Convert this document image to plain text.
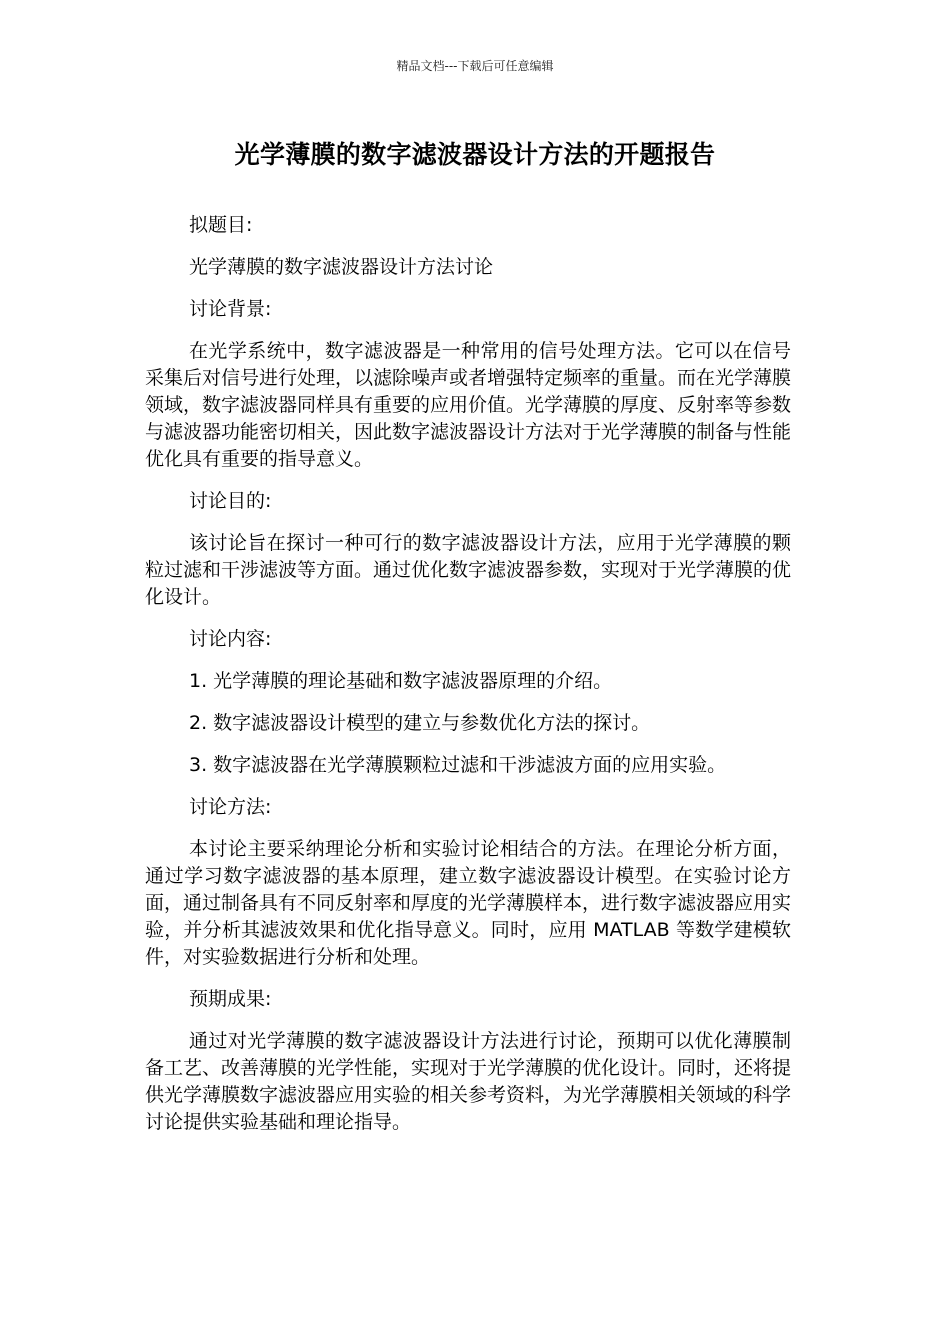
精品文档---下载后可任意编辑
光学薄膜的数字滤波器设计方法的开题报告

拟题目:

光学薄膜的数字滤波器设计方法讨论

讨论背景:

在光学系统中，数字滤波器是一种常用的信号处理方法。它可以在信号采集后对信号进行处理，以滤除噪声或者增强特定频率的重量。而在光学薄膜领域，数字滤波器同样具有重要的应用价值。光学薄膜的厚度、反射率等参数与滤波器功能密切相关，因此数字滤波器设计方法对于光学薄膜的制备与性能优化具有重要的指导意义。

讨论目的:

该讨论旨在探讨一种可行的数字滤波器设计方法，应用于光学薄膜的颗粒过滤和干涉滤波等方面。通过优化数字滤波器参数，实现对于光学薄膜的优化设计。

讨论内容:

1. 光学薄膜的理论基础和数字滤波器原理的介绍。

2. 数字滤波器设计模型的建立与参数优化方法的探讨。

3. 数字滤波器在光学薄膜颗粒过滤和干涉滤波方面的应用实验。

讨论方法:

本讨论主要采纳理论分析和实验讨论相结合的方法。在理论分析方面，通过学习数字滤波器的基本原理，建立数字滤波器设计模型。在实验讨论方面，通过制备具有不同反射率和厚度的光学薄膜样本，进行数字滤波器应用实验，并分析其滤波效果和优化指导意义。同时，应用 MATLAB 等数学建模软件，对实验数据进行分析和处理。

预期成果:

通过对光学薄膜的数字滤波器设计方法进行讨论，预期可以优化薄膜制备工艺、改善薄膜的光学性能，实现对于光学薄膜的优化设计。同时，还将提供光学薄膜数字滤波器应用实验的相关参考资料，为光学薄膜相关领域的科学讨论提供实验基础和理论指导。
